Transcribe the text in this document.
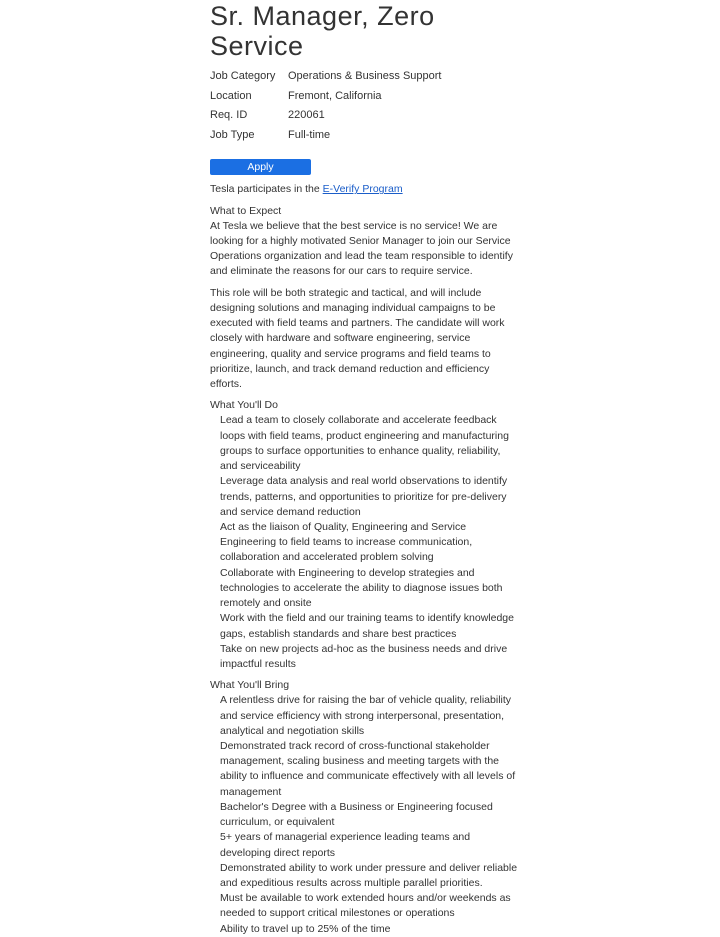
Sr. Manager, Zero Service
Job Category	Operations & Business Support
Location	Fremont, California
Req. ID	220061
Job Type	Full-time
Apply
Tesla participates in the E-Verify Program
What to Expect

At Tesla we believe that the best service is no service! We are looking for a highly motivated Senior Manager to join our Service Operations organization and lead the team responsible to identify and eliminate the reasons for our cars to require service.

This role will be both strategic and tactical, and will include designing solutions and managing individual campaigns to be executed with field teams and partners. The candidate will work closely with hardware and software engineering, service engineering, quality and service programs and field teams to prioritize, launch, and track demand reduction and efficiency efforts.

What You'll Do
Lead a team to closely collaborate and accelerate feedback loops with field teams, product engineering and manufacturing groups to surface opportunities to enhance quality, reliability, and serviceability
Leverage data analysis and real world observations to identify trends, patterns, and opportunities to prioritize for pre-delivery and service demand reduction
Act as the liaison of Quality, Engineering and Service Engineering to field teams to increase communication, collaboration and accelerated problem solving
Collaborate with Engineering to develop strategies and technologies to accelerate the ability to diagnose issues both remotely and onsite
Work with the field and our training teams to identify knowledge gaps, establish standards and share best practices
Take on new projects ad-hoc as the business needs and drive impactful results
What You'll Bring
A relentless drive for raising the bar of vehicle quality, reliability and service efficiency with strong interpersonal, presentation, analytical and negotiation skills
Demonstrated track record of cross-functional stakeholder management, scaling business and meeting targets with the ability to influence and communicate effectively with all levels of management
Bachelor's Degree with a Business or Engineering focused curriculum, or equivalent
5+ years of managerial experience leading teams and developing direct reports
Demonstrated ability to work under pressure and deliver reliable and expeditious results across multiple parallel priorities.
Must be available to work extended hours and/or weekends as needed to support critical milestones or operations
Ability to travel up to 25% of the time
